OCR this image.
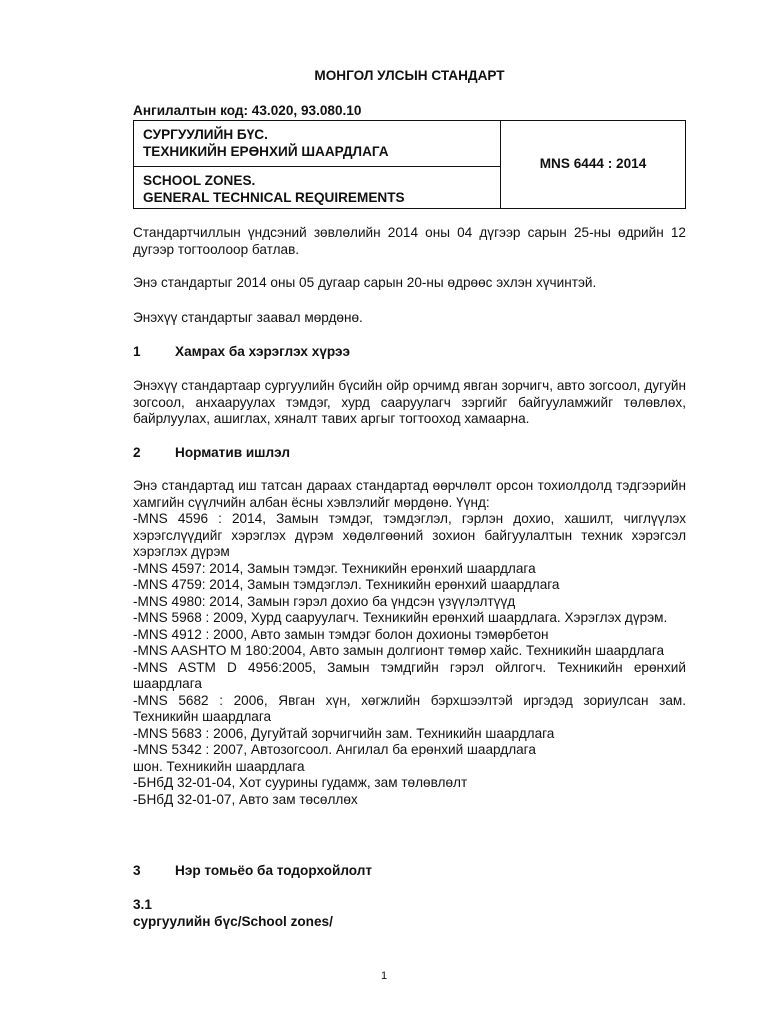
МОНГОЛ УЛСЫН СТАНДАРТ
Ангилалтын код: 43.020, 93.080.10
СУРГУУЛИЙН БҮС.
ТЕХНИКИЙН ЕРӨНХИЙ ШААРДЛАГА
	MNS 6444 : 2014

SCHOOL ZONES.
GENERAL TECHNICAL REQUIREMENTS

Стандартчиллын үндсэний зөвлөлийн 2014 оны 04 дүгээр сарын 25-ны өдрийн 12 дугээр тогтоолоор батлав.

Энэ стандартыг 2014 оны 05 дугаар сарын 20-ны өдрөөс эхлэн хүчинтэй.

Энэхүү стандартыг заавал мөрдөнө.

1	Хамрах ба хэрэглэх хүрээ

Энэхүү стандартаар сургуулийн бүсийн ойр орчимд явган зорчигч, авто зогсоол, дугуйн зогсоол, анхааруулах тэмдэг, хурд сааруулагч зэргийг байгууламжийг төлөвлөх, байрлуулах, ашиглах, хяналт тавих аргыг тогтооход хамаарна.

2	Норматив ишлэл

Энэ стандартад иш татсан дараах стандартад өөрчлөлт орсон тохиолдолд тэдгээрийн хамгийн сүүлчийн албан ёсны хэвлэлийг мөрдөнө. Үүнд:

-MNS 4596 : 2014, Замын тэмдэг, тэмдэглэл, гэрлэн дохио, хашилт, чиглүүлэх хэрэгслүүдийг хэрэглэх дүрэм хөдөлгөөний зохион байгуулалтын техник хэрэгсэл хэрэглэх дүрэм
-MNS 4597: 2014, Замын тэмдэг. Техникийн ерөнхий шаардлага
-MNS 4759: 2014, Замын тэмдэглэл. Техникийн ерөнхий шаардлага
-MNS 4980: 2014, Замын гэрэл дохио ба үндсэн үзүүлэлтүүд
-MNS 5968 : 2009, Хурд сааруулагч. Техникийн ерөнхий шаардлага. Хэрэглэх дүрэм.
-MNS 4912 : 2000, Авто замын тэмдэг болон дохионы тэмөрбетон
-MNS AASHTO M 180:2004, Авто замын долгионт төмөр хайс. Техникийн шаардлага
-MNS ASTM D 4956:2005, Замын тэмдгийн гэрэл ойлгогч. Техникийн ерөнхий шаардлага
-MNS 5682 : 2006, Явган хүн, хөгжлийн бэрхшээлтэй иргэдэд зориулсан зам. Техникийн шаардлага
-MNS 5683 : 2006, Дугуйтай зорчигчийн зам. Техникийн шаардлага
-MNS 5342 : 2007, Автозогсоол. Ангилал ба ерөнхий шаардлага
шон. Техникийн шаардлага
-БНбД 32-01-04, Хот суурины гудамж, зам төлөвлөлт
-БНбД 32-01-07, Авто зам төсөллөх
3	Нэр томьёо ба тодорхойлолт
3.1
сургуулийн бүс/School zones/
1
